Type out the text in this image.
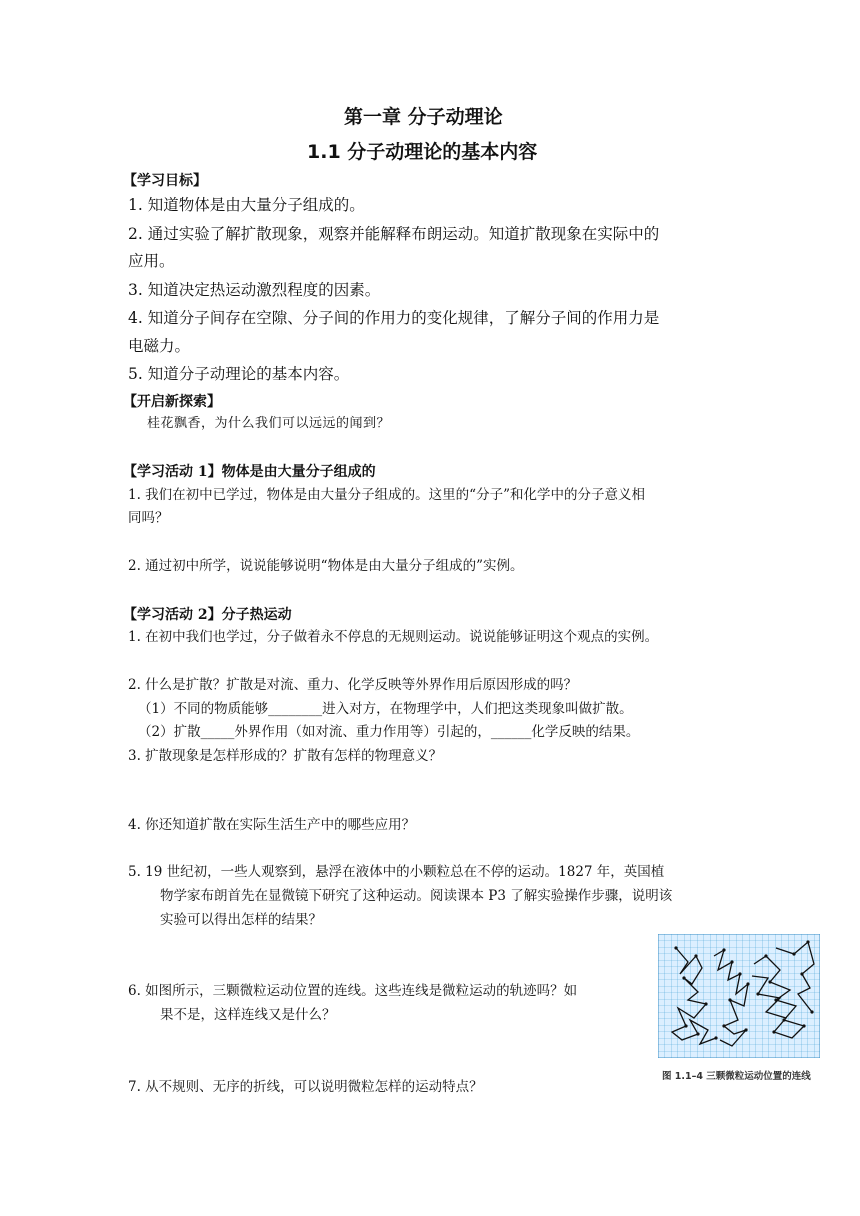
第一章 分子动理论
1.1 分子动理论的基本内容
【学习目标】
1. 知道物体是由大量分子组成的。
2. 通过实验了解扩散现象，观察并能解释布朗运动。知道扩散现象在实际中的
应用。
3. 知道决定热运动激烈程度的因素。
4. 知道分子间存在空隙、分子间的作用力的变化规律，了解分子间的作用力是
电磁力。
5. 知道分子动理论的基本内容。
【开启新探索】
桂花飘香，为什么我们可以远远的闻到？
【学习活动 1】物体是由大量分子组成的
1. 我们在初中已学过，物体是由大量分子组成的。这里的“分子”和化学中的分子意义相
同吗？
2. 通过初中所学，说说能够说明“物体是由大量分子组成的”实例。
【学习活动 2】分子热运动
1. 在初中我们也学过，分子做着永不停息的无规则运动。说说能够证明这个观点的实例。
2. 什么是扩散？扩散是对流、重力、化学反映等外界作用后原因形成的吗？
（1）不同的物质能够________进入对方，在物理学中，人们把这类现象叫做扩散。
（2）扩散_____外界作用（如对流、重力作用等）引起的，______化学反映的结果。
3. 扩散现象是怎样形成的？扩散有怎样的物理意义？
4. 你还知道扩散在实际生活生产中的哪些应用？
5. 19 世纪初，一些人观察到，悬浮在液体中的小颗粒总在不停的运动。1827 年，英国植
物学家布朗首先在显微镜下研究了这种运动。阅读课本 P3 了解实验操作步骤，说明该
实验可以得出怎样的结果？
6. 如图所示，三颗微粒运动位置的连线。这些连线是微粒运动的轨迹吗？如
果不是，这样连线又是什么？
7. 从不规则、无序的折线，可以说明微粒怎样的运动特点？
图 1.1–4 三颗微粒运动位置的连线
